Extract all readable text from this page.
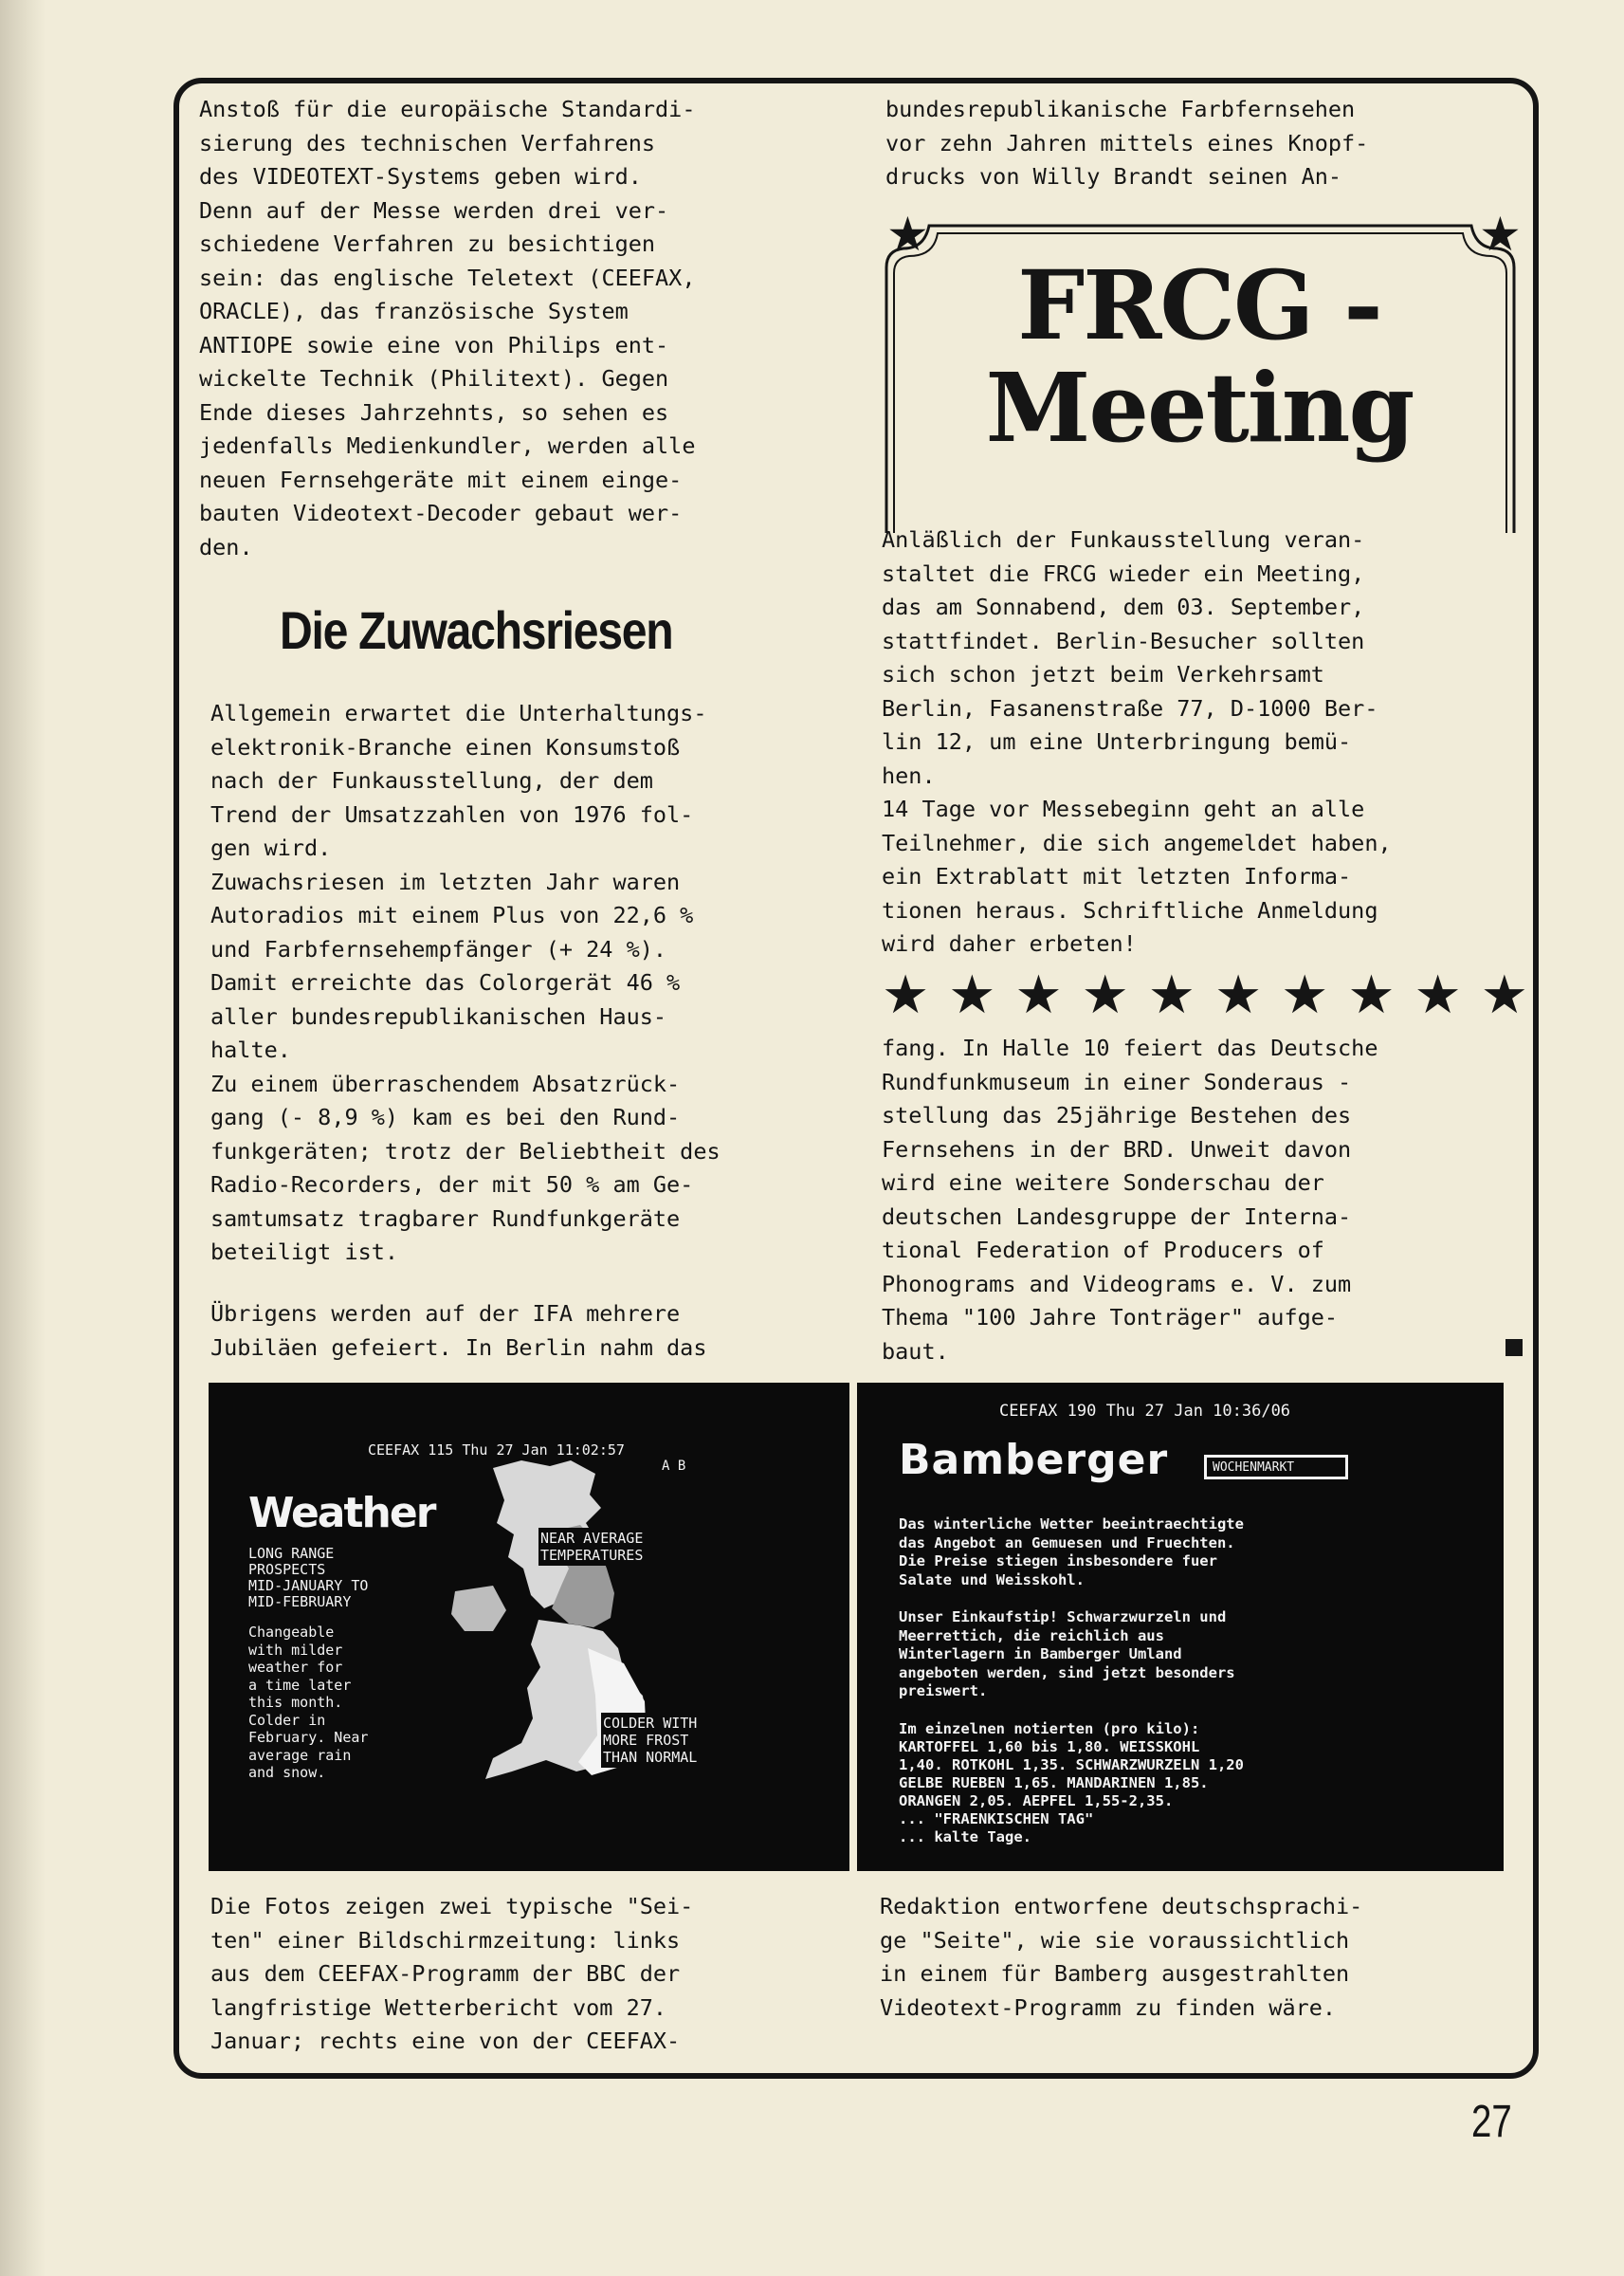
Anstoß für die europäische Standardi-
sierung des technischen Verfahrens
des VIDEOTEXT-Systems geben wird.
Denn auf der Messe werden drei ver-
schiedene Verfahren zu besichtigen
sein: das englische Teletext (CEEFAX,
ORACLE), das französische System
ANTIOPE sowie eine von Philips ent-
wickelte Technik (Philitext). Gegen
Ende dieses Jahrzehnts, so sehen es
jedenfalls Medienkundler, werden alle
neuen Fernsehgeräte mit einem einge-
bauten Videotext-Decoder gebaut wer-
den.
Die Zuwachsriesen
Allgemein erwartet die Unterhaltungs-
elektronik-Branche einen Konsumstoß
nach der Funkausstellung, der dem
Trend der Umsatzzahlen von 1976 fol-
gen wird.
Zuwachsriesen im letzten Jahr waren
Autoradios mit einem Plus von 22,6 %
und Farbfernsehempfänger (+ 24 %).
Damit erreichte das Colorgerät 46 %
aller bundesrepublikanischen Haus-
halte.
Zu einem überraschendem Absatzrück-
gang (- 8,9 %) kam es bei den Rund-
funkgeräten; trotz der Beliebtheit des
Radio-Recorders, der mit 50 % am Ge-
samtumsatz tragbarer Rundfunkgeräte
beteiligt ist.
Übrigens werden auf der IFA mehrere
Jubiläen gefeiert. In Berlin nahm das
bundesrepublikanische Farbfernsehen
vor zehn Jahren mittels eines Knopf-
drucks von Willy Brandt seinen An-
★	★
FRCG -
Meeting
Anläßlich der Funkausstellung veran-
staltet die FRCG wieder ein Meeting,
das am Sonnabend, dem 03. September,
stattfindet. Berlin-Besucher sollten
sich schon jetzt beim Verkehrsamt
Berlin, Fasanenstraße 77, D-1000 Ber-
lin 12, um eine Unterbringung bemü-
hen.
14 Tage vor Messebeginn geht an alle
Teilnehmer, die sich angemeldet haben,
ein Extrablatt mit letzten Informa-
tionen heraus. Schriftliche Anmeldung
wird daher erbeten!
★ ★ ★ ★ ★ ★ ★ ★ ★ ★
fang. In Halle 10 feiert das Deutsche
Rundfunkmuseum in einer Sonderaus -
stellung das 25jährige Bestehen des
Fernsehens in der BRD. Unweit davon
wird eine weitere Sonderschau der
deutschen Landesgruppe der Interna-
tional Federation of Producers of
Phonograms and Videograms e. V. zum
Thema "100 Jahre Tonträger" aufge-
baut.
CEEFAX 115 Thu 27 Jan 11:02:57
A B
Weather
LONG RANGE
PROSPECTS
MID-JANUARY TO
MID-FEBRUARY
Changeable
with milder
weather for
a time later
this month.
Colder in
February. Near
average rain
and snow.
NEAR AVERAGE
TEMPERATURES
COLDER WITH
MORE FROST
THAN NORMAL
CEEFAX 190 Thu 27 Jan 10:36/06
Bamberger	WOCHENMARKT
Das winterliche Wetter beeintraechtigte
das Angebot an Gemuesen und Fruechten.
Die Preise stiegen insbesondere fuer
Salate und Weisskohl.
Unser Einkaufstip! Schwarzwurzeln und
Meerrettich, die reichlich aus
Winterlagern in Bamberger Umland
angeboten werden, sind jetzt besonders
preiswert.
Im einzelnen notierten (pro kilo):
KARTOFFEL 1,60 bis 1,80. WEISSKOHL
1,40. ROTKOHL 1,35. SCHWARZWURZELN 1,20
GELBE RUEBEN 1,65. MANDARINEN 1,85.
ORANGEN 2,05. AEPFEL 1,55-2,35.
... "FRAENKISCHEN TAG"
... kalte Tage.
Die Fotos zeigen zwei typische "Sei-
ten" einer Bildschirmzeitung: links
aus dem CEEFAX-Programm der BBC der
langfristige Wetterbericht vom 27.
Januar; rechts eine von der CEEFAX-
Redaktion entworfene deutschsprachi-
ge "Seite", wie sie voraussichtlich
in einem für Bamberg ausgestrahlten
Videotext-Programm zu finden wäre.
27
